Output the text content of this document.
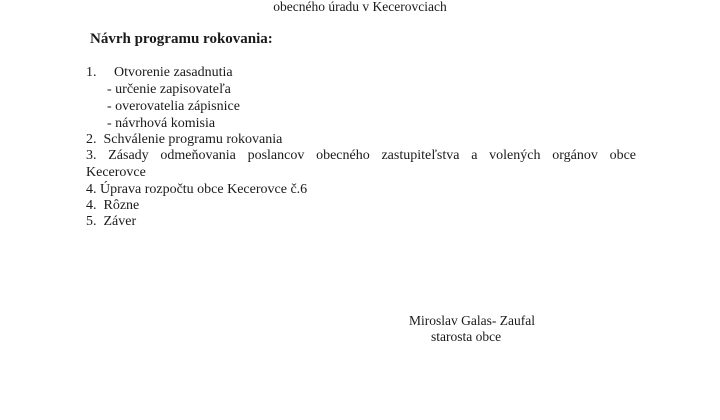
obecného úradu v Kecerovciach
Návrh programu rokovania:
1. Otvorenie zasadnutia
- určenie zapisovateľa
- overovatelia zápisnice
- návrhová komisia
2. Schválenie programu rokovania
3. Zásady odmeňovania poslancov obecného zastupiteľstva a volených orgánov obce
Kecerovce
4. Úprava rozpočtu obce Kecerovce č.6
4. Rôzne
5. Záver
Miroslav Galas- Zaufal
starosta obce
